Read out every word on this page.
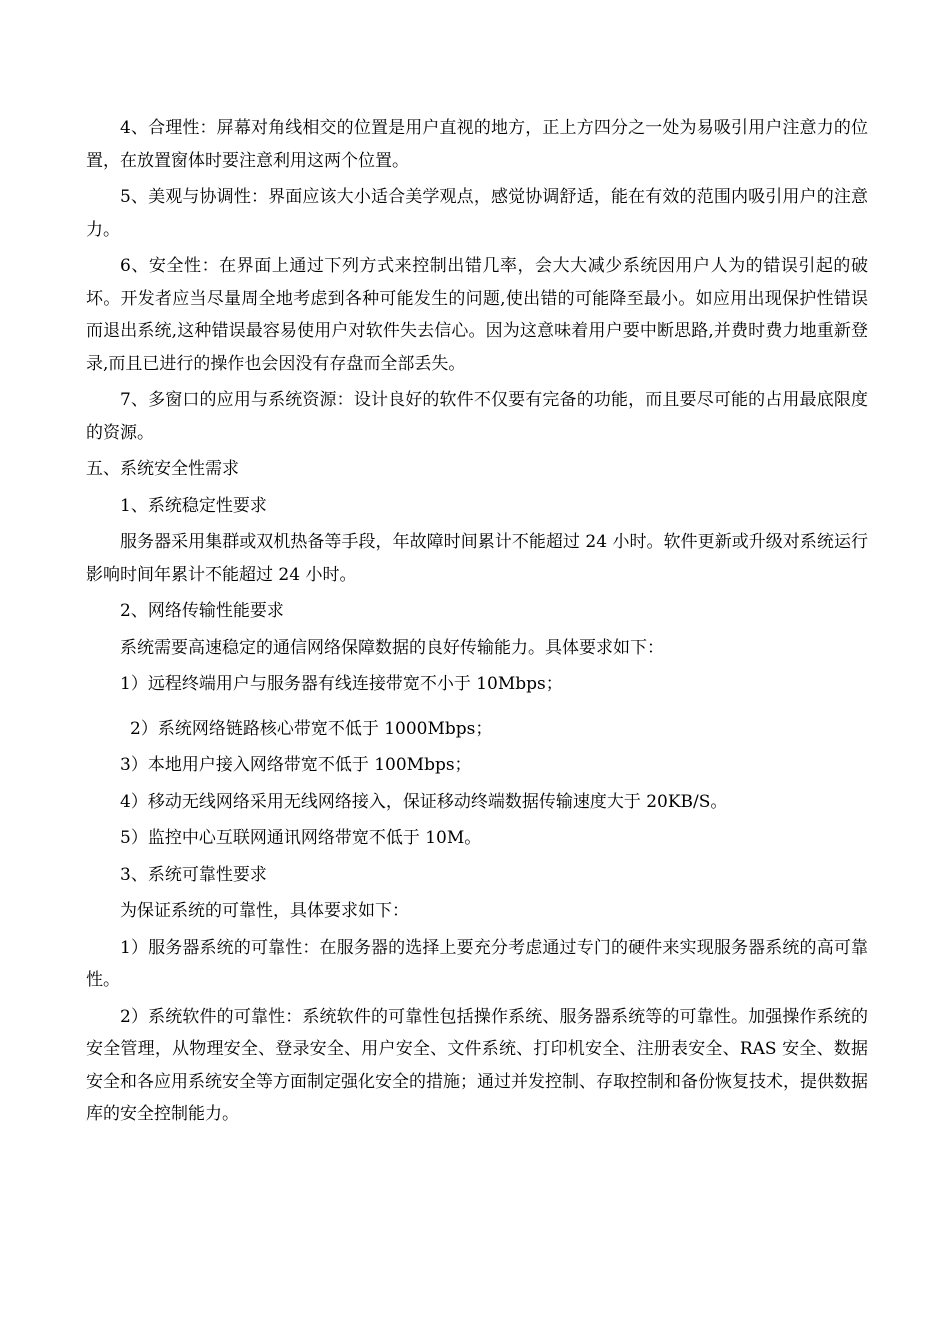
4、合理性：屏幕对角线相交的位置是用户直视的地方，正上方四分之一处为易吸引用户注意力的位置，在放置窗体时要注意利用这两个位置。

5、美观与协调性：界面应该大小适合美学观点，感觉协调舒适，能在有效的范围内吸引用户的注意力。

6、安全性：在界面上通过下列方式来控制出错几率，会大大减少系统因用户人为的错误引起的破坏。开发者应当尽量周全地考虑到各种可能发生的问题,使出错的可能降至最小。如应用出现保护性错误而退出系统,这种错误最容易使用户对软件失去信心。因为这意味着用户要中断思路,并费时费力地重新登录,而且已进行的操作也会因没有存盘而全部丢失。

7、多窗口的应用与系统资源：设计良好的软件不仅要有完备的功能，而且要尽可能的占用最底限度的资源。

五、系统安全性需求

1、系统稳定性要求

服务器采用集群或双机热备等手段，年故障时间累计不能超过 24 小时。软件更新或升级对系统运行影响时间年累计不能超过 24 小时。

2、网络传输性能要求

系统需要高速稳定的通信网络保障数据的良好传输能力。具体要求如下：

1）远程终端用户与服务器有线连接带宽不小于 10Mbps；

2）系统网络链路核心带宽不低于 1000Mbps；

3）本地用户接入网络带宽不低于 100Mbps；

4）移动无线网络采用无线网络接入，保证移动终端数据传输速度大于 20KB/S。

5）监控中心互联网通讯网络带宽不低于 10M。

3、系统可靠性要求

为保证系统的可靠性，具体要求如下：

1）服务器系统的可靠性：在服务器的选择上要充分考虑通过专门的硬件来实现服务器系统的高可靠性。

2）系统软件的可靠性：系统软件的可靠性包括操作系统、服务器系统等的可靠性。加强操作系统的安全管理，从物理安全、登录安全、用户安全、文件系统、打印机安全、注册表安全、RAS 安全、数据安全和各应用系统安全等方面制定强化安全的措施；通过并发控制、存取控制和备份恢复技术，提供数据库的安全控制能力。
